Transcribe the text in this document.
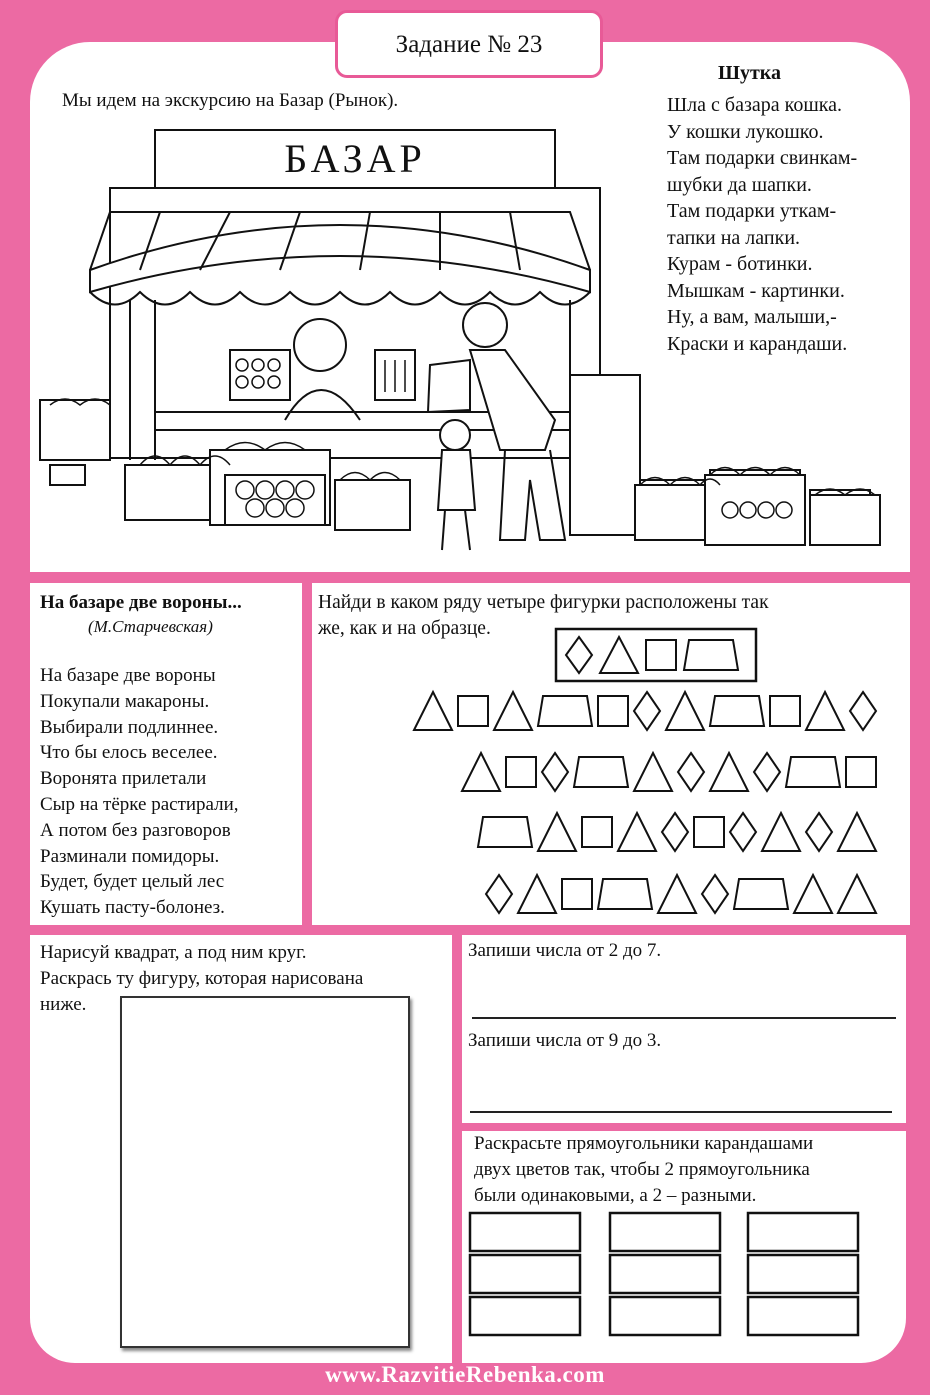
Задание № 23
Мы идем на экскурсию на Базар (Рынок).
БАЗАР
Шутка
Шла с базара кошка.
У кошки лукошко.
Там подарки свинкам-
шубки да шапки.
Там подарки уткам-
тапки на лапки.
Курам - ботинки.
Мышкам - картинки.
Ну, а вам, малыши,-
Краски и карандаши.
На базаре две вороны...
(М.Старчевская)
На базаре две вороны
Покупали макароны.
Выбирали подлиннее.
Что бы елось веселее.
Воронята прилетали
Сыр на тёрке растирали,
А потом без разговоров
Разминали помидоры.
Будет, будет целый лес
Кушать пасту-болонез.
Найди в каком ряду четыре фигурки расположены так
же, как и на образце.
Нарисуй квадрат, а под ним круг.
Раскрась ту фигуру, которая нарисована
ниже.
Запиши числа от 2 до 7.
Запиши числа от 9 до 3.
Раскрасьте прямоугольники карандашами
двух цветов так, чтобы 2 прямоугольника
были одинаковыми, а 2 – разными.
www.RazvitieRebenka.com
